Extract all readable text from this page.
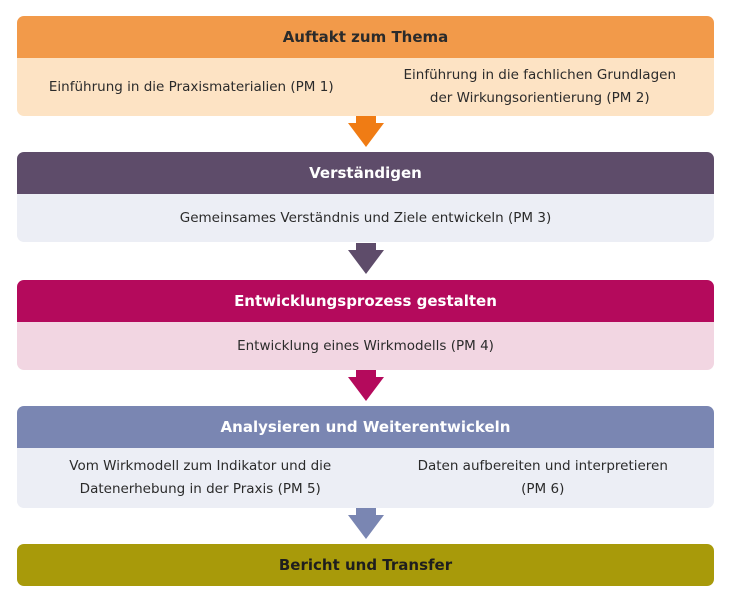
Auftakt zum Thema
Einführung in die Praxismaterialien (PM 1)
Einführung in die fachlichen Grundlagen der Wirkungsorientierung (PM 2)
Verständigen
Gemeinsames Verständnis und Ziele entwickeln (PM 3)
Entwicklungsprozess gestalten
Entwicklung eines Wirkmodells (PM 4)
Analysieren und Weiterentwickeln
Vom Wirkmodell zum Indikator und die Datenerhebung in der Praxis (PM 5)
Daten aufbereiten und interpretieren (PM 6)
Bericht und Transfer
